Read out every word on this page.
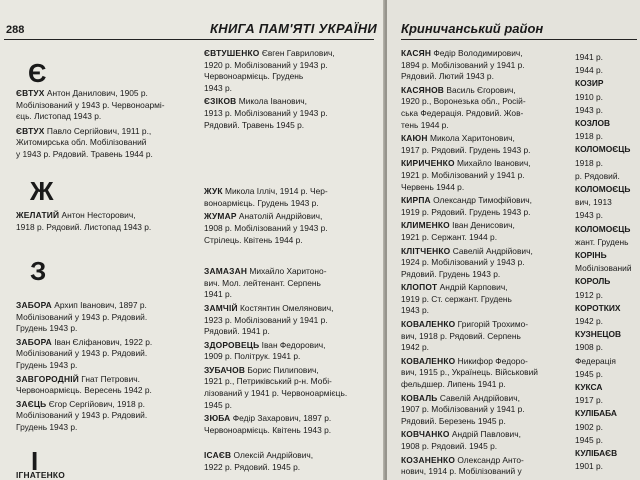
288	КНИГА ПАМ'ЯТІ УКРАЇНИ
Є
Ж
З
І
ЄВТУХ Антон Данилович, 1905 р.
Мобілізований у 1943 р. Червоноармі-
єць. Листопад 1943 р.
ЄВТУХ Павло Сергійович, 1911 р.,
Житомирська обл. Мобілізований
у 1943 р. Рядовий. Травень 1944 р.
ЖЕЛАТИЙ Антон Несторович,
1918 р. Рядовий. Листопад 1943 р.
ЗАБОРА Архип Іванович, 1897 р.
Мобілізований у 1943 р. Рядовий.
Грудень 1943 р.
ЗАБОРА Іван Єліфанович, 1922 р.
Мобілізований у 1943 р. Рядовий.
Грудень 1943 р.
ЗАВГОРОДНІЙ Гнат Петрович.
Червоноармієць. Вересень 1942 р.
ЗАЄЦЬ Єгор Сергійович, 1918 р.
Мобілізований у 1943 р. Рядовий.
Грудень 1943 р.
ІГНАТЕНКО
ЄВТУШЕНКО Євген Гаврилович,
1920 р. Мобілізований у 1943 р.
Червоноармієць. Грудень
1943 р.
ЄЗІКОВ Микола Іванович,
1913 р. Мобілізований у 1943 р.
Рядовий. Травень 1945 р.
ЖУК Микола Ілліч, 1914 р. Чер-
воноармієць. Грудень 1943 р.
ЖУМАР Анатолій Андрійович,
1908 р. Мобілізований у 1943 р.
Стрілець. Квітень 1944 р.
ЗАМАЗАН Михайло Харитоно-
вич. Мол. лейтенант. Серпень
1941 р.
ЗАМЧІЙ Костянтин Омелянович,
1923 р. Мобілізований у 1941 р.
Рядовий. 1941 р.
ЗДОРОВЕЦЬ Іван Федорович,
1909 р. Політрук. 1941 р.
ЗУБАЧОВ Борис Пилипович,
1921 р., Петриківський р-н. Мобі-
лізований у 1941 р. Червоноармієць.
1945 р.
ЗЮБА Федір Захарович, 1897 р.
Червоноармієць. Квітень 1943 р.
ІСАЄВ Олексій Андрійович,
1922 р. Рядовий. 1945 р.
Криничанський район
КАСЯН Федір Володимирович,
1894 р. Мобілізований у 1941 р.
Рядовий. Лютий 1943 р.
КАСЯНОВ Василь Єгорович,
1920 р., Воронезька обл., Росій-
ська Федерація. Рядовий. Жов-
тень 1944 р.
КАЮН Микола Харитонович,
1917 р. Рядовий. Грудень 1943 р.
КИРИЧЕНКО Михайло Іванович,
1921 р. Мобілізований у 1941 р.
Червень 1944 р.
КИРПА Олександр Тимофійович,
1919 р. Рядовий. Грудень 1943 р.
КЛИМЕНКО Іван Денисович,
1921 р. Сержант. 1944 р.
КЛІТЧЕНКО Савелій Андрійович,
1924 р. Мобілізований у 1943 р.
Рядовий. Грудень 1943 р.
КЛОПОТ Андрій Карпович,
1919 р. Ст. сержант. Грудень
1943 р.
КОВАЛЕНКО Григорій Трохимо-
вич, 1918 р. Рядовий. Серпень
1942 р.
КОВАЛЕНКО Никифор Федоро-
вич, 1915 р., Українець. Військовий
фельдшер. Липень 1941 р.
КОВАЛЬ Савелій Андрійович,
1907 р. Мобілізований у 1941 р.
Рядовий. Березень 1945 р.
КОВЧАНКО Андрій Павлович,
1908 р. Рядовий. 1945 р.
КОЗАНЕНКО Олександр Анто-
нович, 1914 р. Мобілізований у
1941 р.
1944 р.
КОЗИР
1910 р.
1943 р.
КОЗЛОВ
1918 р.
КОЛОМОЄЦЬ
1918 р.
р. Рядовий.
КОЛОМОЄЦЬ
вич, 1913
1943 р.
КОЛОМОЄЦЬ
жант. Грудень
КОРІНЬ
Мобілізований
КОРОЛЬ
1912 р.
КОРОТКИХ
1942 р.
КУЗНЕЦОВ
1908 р.
Федерація
1945 р.
КУКСА
1917 р.
КУЛІБАБА
1902 р.
1945 р.
КУЛІБАЄВ
1901 р.
